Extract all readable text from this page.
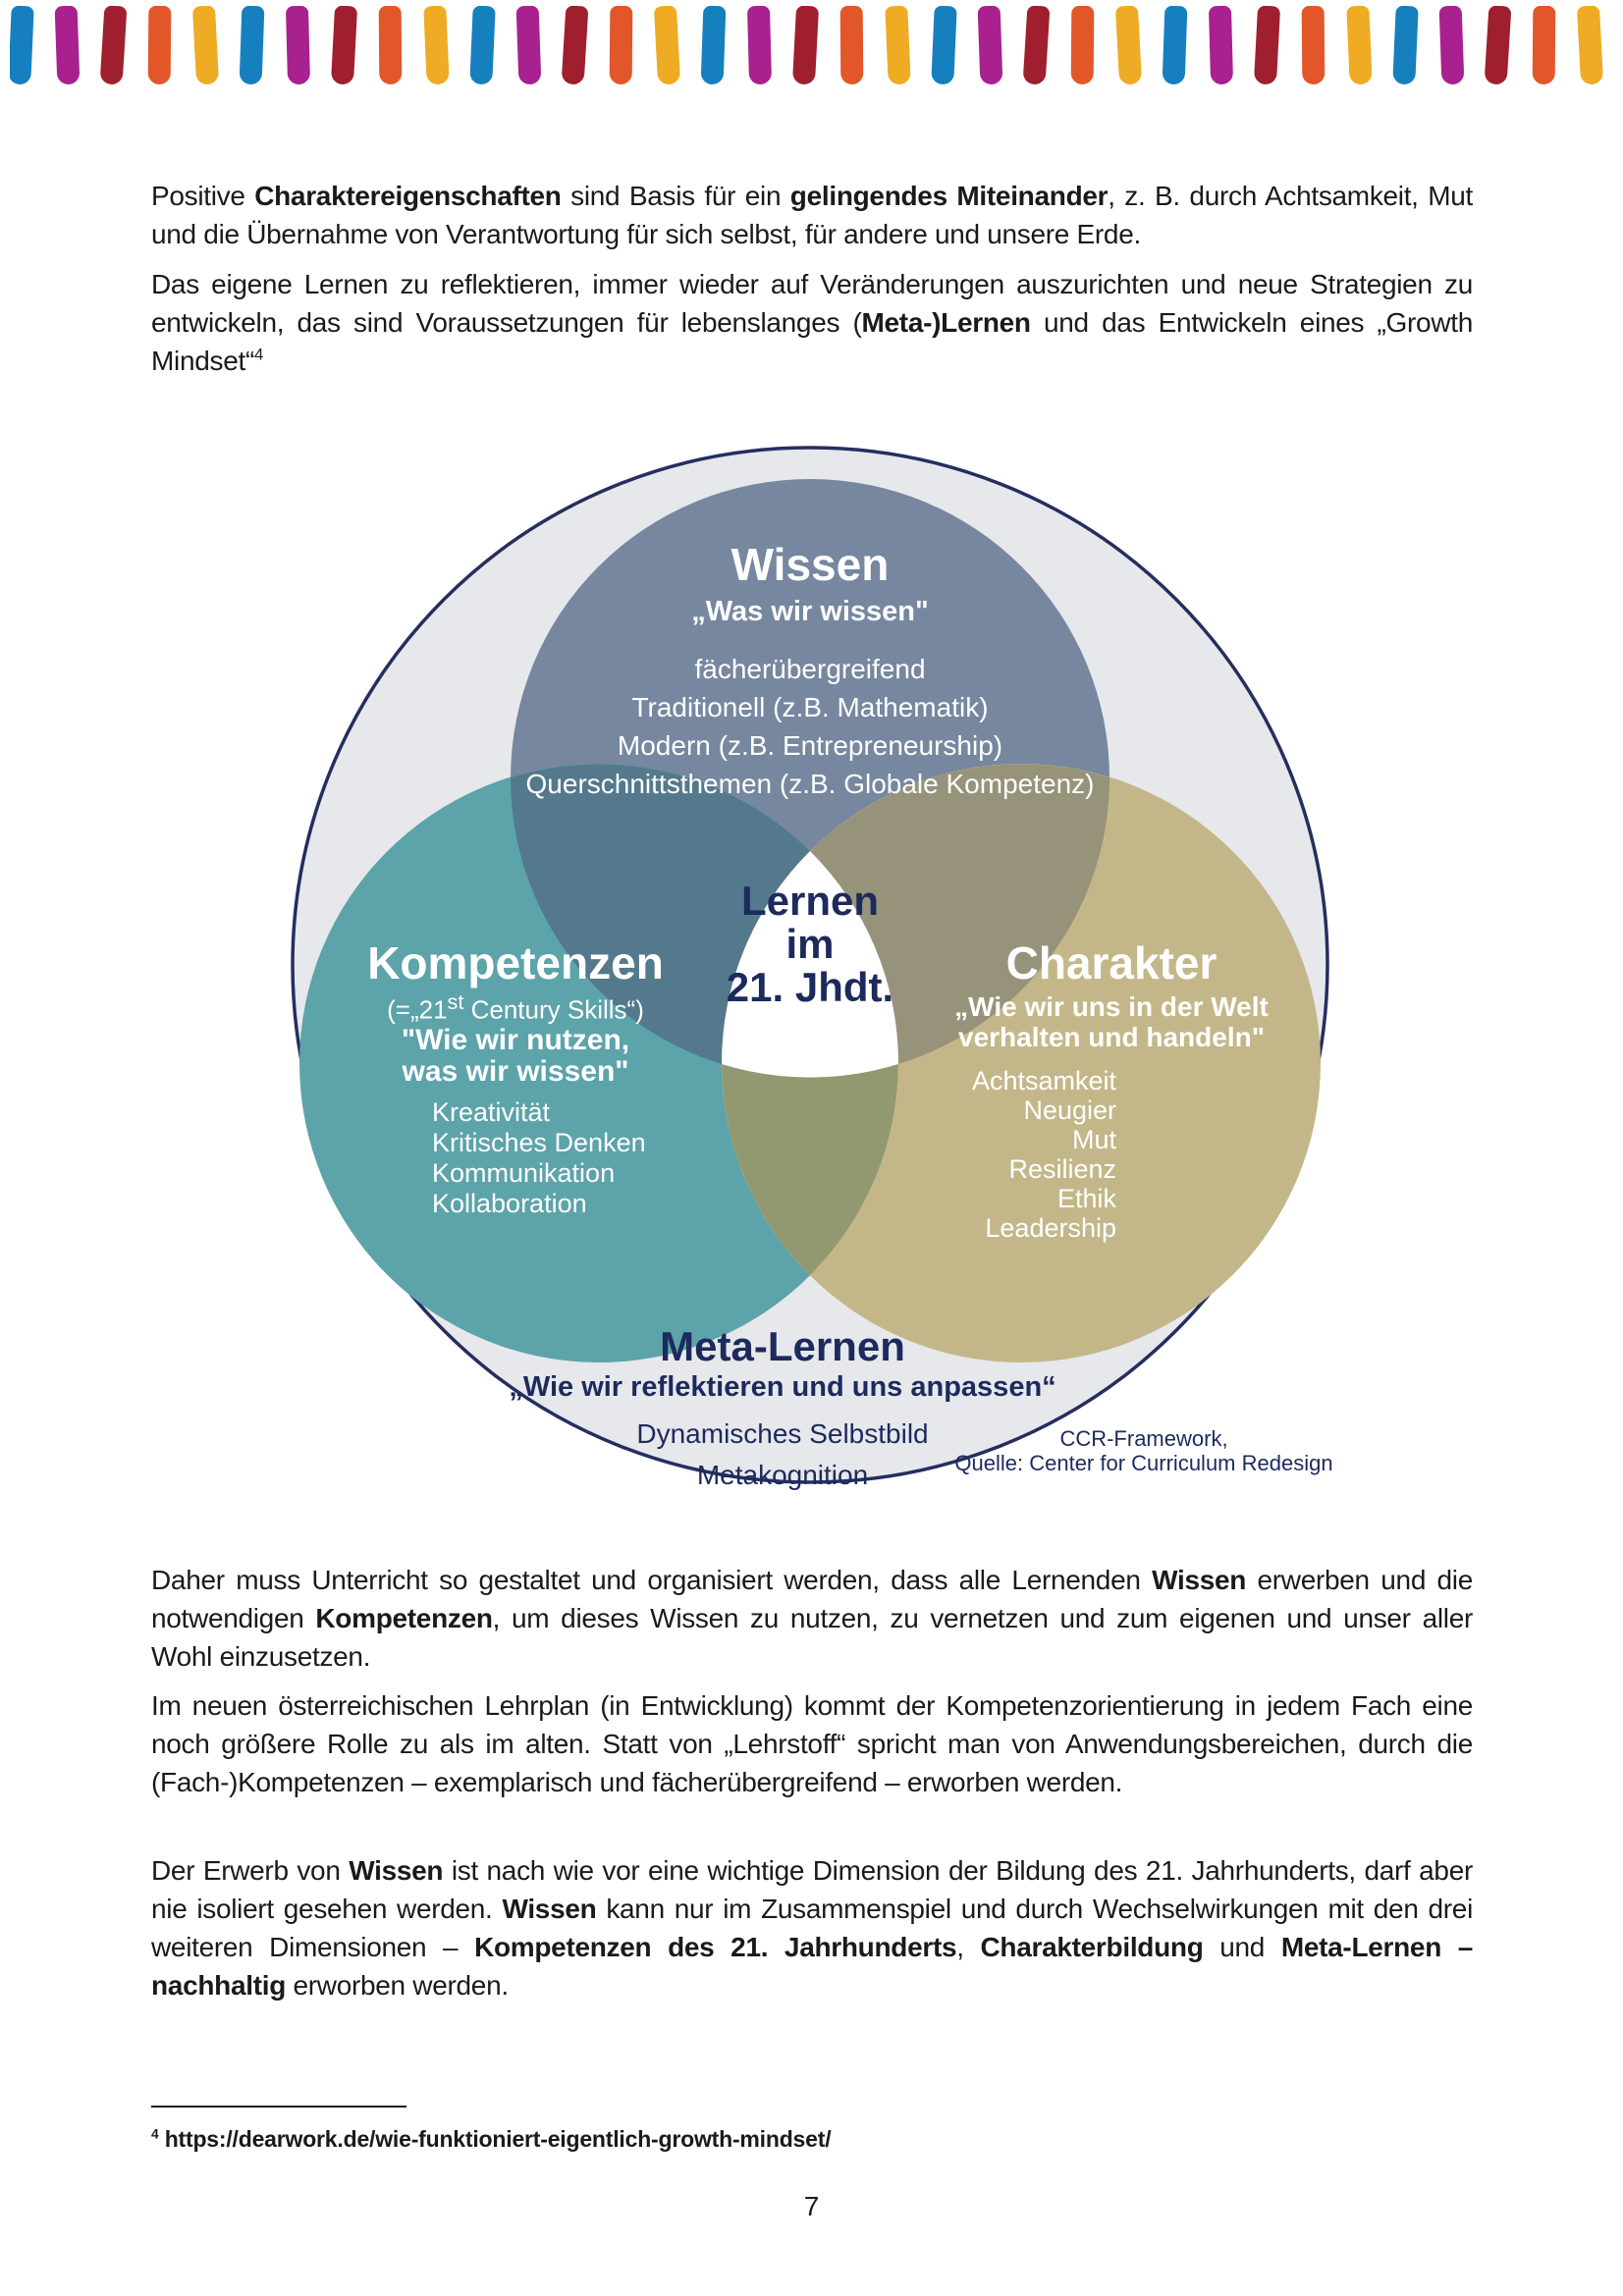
Positive Charaktereigenschaften sind Basis für ein gelingendes Miteinander, z. B. durch Achtsamkeit, Mut und die Übernahme von Verantwortung für sich selbst, für andere und unsere Erde.

Das eigene Lernen zu reflektieren, immer wieder auf Veränderungen auszurichten und neue Strategien zu entwickeln, das sind Voraussetzungen für lebenslanges (Meta-)Lernen und das Entwickeln eines „Growth Mindset“$^4$

Wissen
„Was wir wissen"
fächerübergreifend
Traditionell (z.B. Mathematik)
Modern (z.B. Entrepreneurship)
Querschnittsthemen (z.B. Globale Kompetenz)
Kompetenzen
(=„21st Century Skills“)
"Wie wir nutzen,
was wir wissen"
Kreativität
Kritisches Denken
Kommunikation
Kollaboration
Charakter
„Wie wir uns in der Welt
verhalten und handeln"
Achtsamkeit
Neugier
Mut
Resilienz
Ethik
Leadership
Lernen
im
21. Jhdt.
Meta-Lernen
„Wie wir reflektieren und uns anpassen“
Dynamisches Selbstbild
Metakognition
CCR-Framework,
Quelle: Center for Curriculum Redesign

Daher muss Unterricht so gestaltet und organisiert werden, dass alle Lernenden Wissen erwerben und die notwendigen Kompetenzen, um dieses Wissen zu nutzen, zu vernetzen und zum eigenen und unser aller Wohl einzusetzen.

Im neuen österreichischen Lehrplan (in Entwicklung) kommt der Kompetenzorientierung in jedem Fach eine noch größere Rolle zu als im alten. Statt von „Lehrstoff“ spricht man von Anwendungsbereichen, durch die (Fach-)Kompetenzen – exemplarisch und fächerübergreifend – erworben werden.

Der Erwerb von Wissen ist nach wie vor eine wichtige Dimension der Bildung des 21. Jahrhunderts, darf aber nie isoliert gesehen werden. Wissen kann nur im Zusammenspiel und durch Wechselwirkungen mit den drei weiteren Dimensionen – Kompetenzen des 21. Jahrhunderts, Charakterbildung und Meta-Lernen – nachhaltig erworben werden.

$^4$ https://dearwork.de/wie-funktioniert-eigentlich-growth-mindset/

7
